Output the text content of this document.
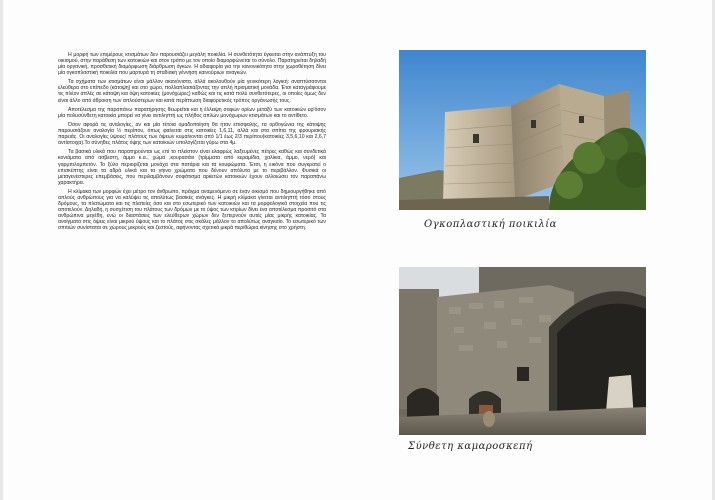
Η μορφή των επιμέρους κτισμάτων δεν παρουσιάζει μεγάλη ποικιλία. Η συνθετότητα έγκειται στην ανάπτυξη του οικισμού, στην παράθεση των κατοικιών και στον τρόπο με τον οποίο διαμορφώνεται το σύνολο. Παρατηρείται δηλαδή μία οργανική, προσθετική διαμόρφωση διάρθρωση όγκων. Η αδιαφορία για την κανονικότητα στην χωροθέτηση δίνει μία ογκοπλαστική ποικιλία που μαρτυρά τη σταδιακή γέννηση καινούριων αναγκών.

Τα σχήματα των κτισμάτων είναι μάλλον ακανόνιστα, αλλά ακολουθούν μία γενικότερη λογική: αναπτύσσονται ελεύθερα στο επίπεδο (κάτοψη) και στο χώρο, πολλαπλασιάζοντας την απλή πρισματική μονάδα. Έτσι καταγράφουμε τις πλέον απλές σε κάτοψη και όψη κατοικίες (μονόχωρες) καθώς και τις κατά πολύ συνθετότερες, οι οποίες όμως δεν είναι άλλο από άθροιση των απλούστερων και κατά περίπτωση διαφορετικός τρόπος οργάνωσής τους.

Αποτέλεσμα της παραπάνω παρατήρησης θεωρείται και η έλλειψη σαφών ορίων μεταξύ των κατοικιών εφ'όσον μία πολυσύνθετη κατοικία μπορεί να γίνει αντιληπτή ως πλήθος απλών μονόχωρων κτισμάτων και το αντίθετο.

Όσον αφορά τις αναλογίες, αν και μία τέτοια ομαδοποίηση θα ήταν επισφαλής, τα ορθογώνια της κάτοψης παρουσιάζουν αναλογία ½ περίπου, όπως φαίνεται στις κατοικίες 1,6,11, αλλά και στα σπίτια της φρουριακής παρειάς. Οι αναλογίες ύψους/ πλάτους των όψεων κυμαίνονται από 1/1 έως 2/3 περίπου(κατοικίες 3,5,6,10 και 2,6,7 αντίστοιχα).Το σύνηθες πλάτος όψης των κατοικιών υπολογίζεται γύρω στα 4μ.

Τα βασικά υλικά που παρατηρούνται ως επί το πλείστον είναι ελαφρώς λαξευμένες πέτρες καθώς και συνδετικά κονιάματα από ασβεστη, άμμο κ.α., χώμα ,κουρασάνι (τρίμματα από κεραμίδια, χαλίκια, άμμο, νερό) και γαρμπιλομπετόν. Το ξύλο περιορίζεται μονάχα στα πατάρια και τα κουφώματα. Έτσι, η εικόνα που συγκρατεί ο επισκέπτης είναι τα αδρά υλικά και τα γήινα χρώματα που δένουν απόλυτα με το περιβάλλον. Φυσικά οι μεταγενέστερες επεμβάσεις, που περιλαμβάνουν σοφάτισμα αρκετών κατοικιών έχουν αλλοιώσει τον παραπάνω χαρακτήρα.

Η κλίμακα των μορφών έχει μέτρο τον άνθρωπο, πράγμα αναμενόμενο σε έναν οικισμό που δημιουργήθηκε από απλούς ανθρώπους για να καλύψει τις απολύτως βασικές ανάγκες. Η μικρή κλίμακα γίνεται αντιληπτή τόσο στους δρόμους, τα πλατώματα και τις πλατείες όσο και στο εσωτερικό των κατοικιών και τα μορφολογικά στοιχεία που τις αποτελούν. Δηλαδή, η συσχέτιση του πλάτους των δρόμων με το ύψος των κτιρίων δίνει ένα αποτέλεσμα προσιτό στα ανθρώπινα μεγέθη, ενώ οι διαστάσεις των ελεύθερων χώρων δεν ξεπερνούν αυτές μίας μικρής κατοικίας. Τα ανοίγματα στις όψεις είναι μικρού ύψους και το πλάτος στις σκάλες μάλλον το απολύτως αναγκαίο. Το εσωτερικό των σπιτιών συνίσταται σε χώρους μικρούς και ζεστούς, αφήνοντας σχετικά μικρά περιθώρια κίνησης στο χρήστη.	Ογκοπλαστική ποικιλία
Σύνθετη καμαροσκεπή
